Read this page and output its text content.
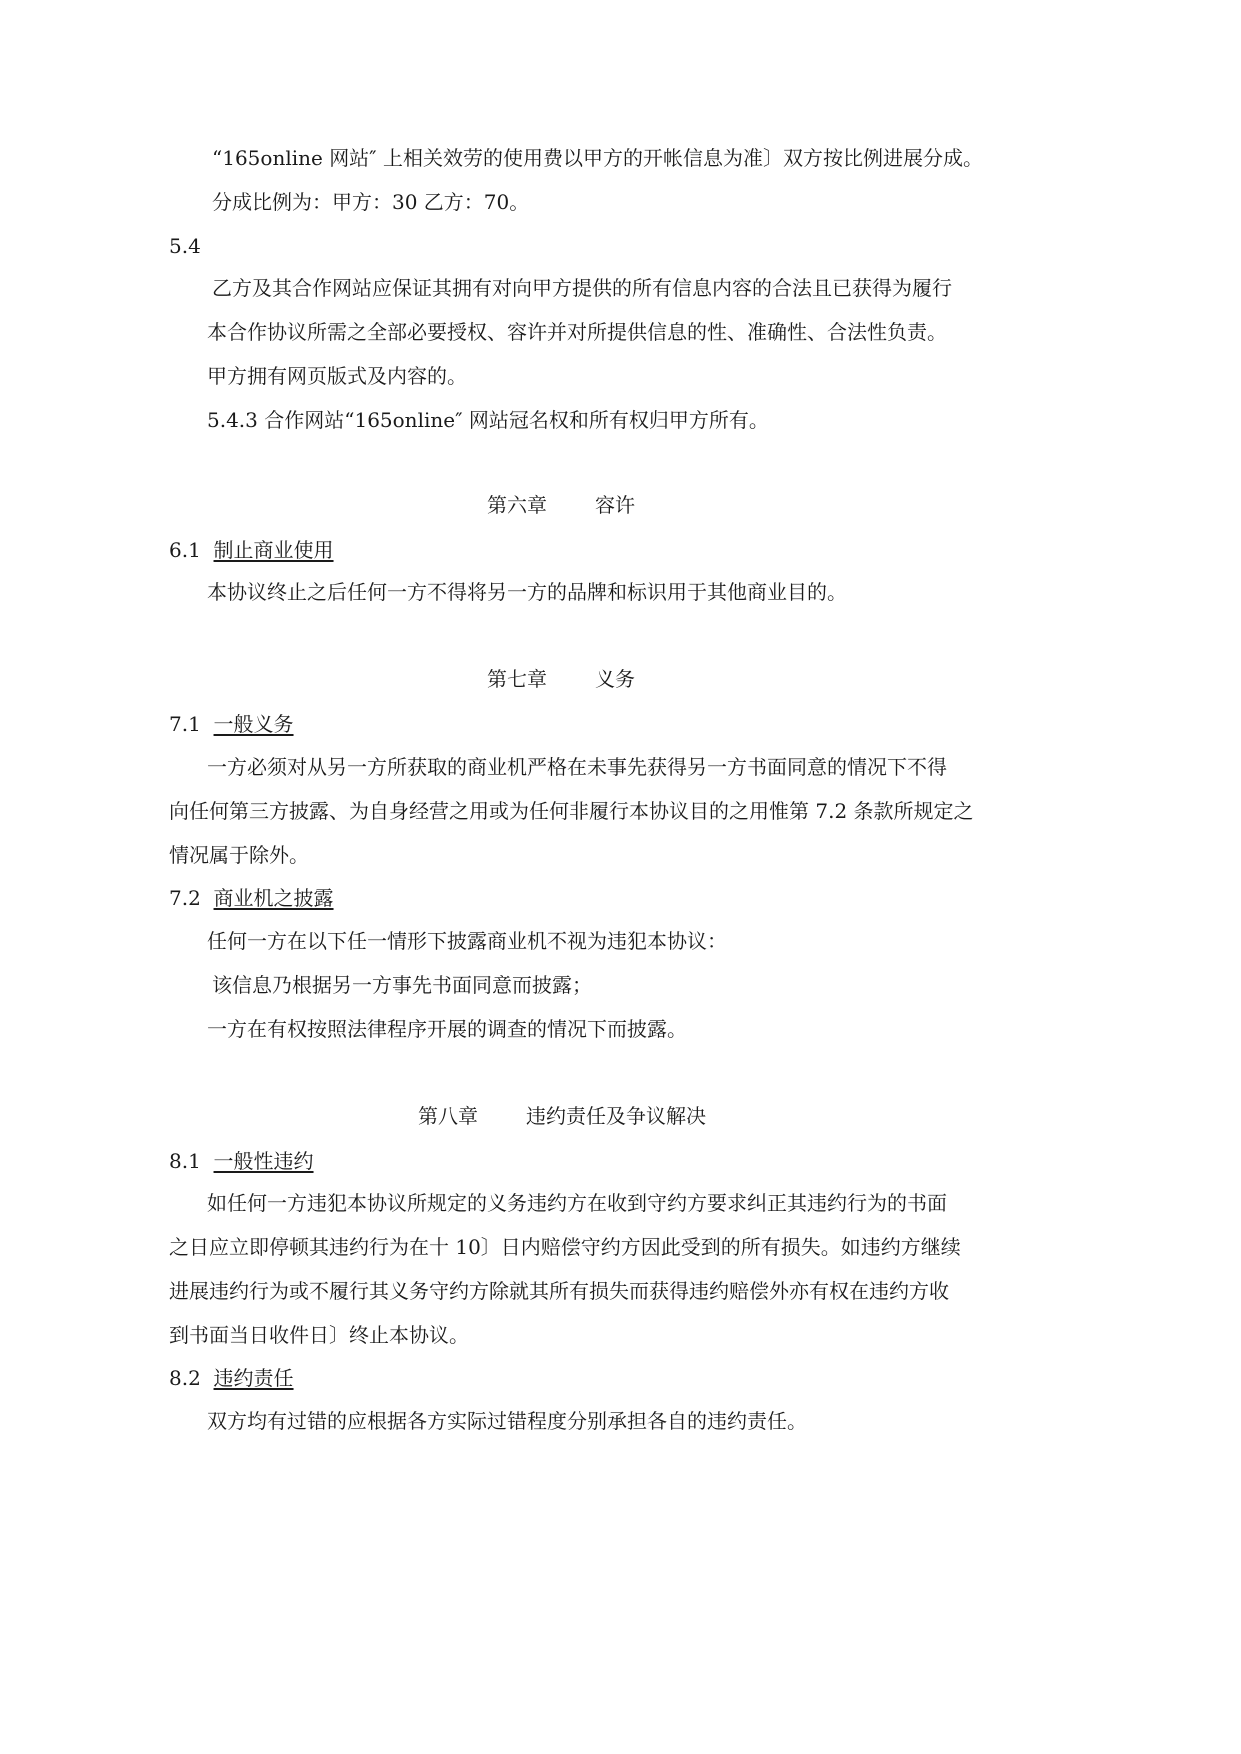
“165online 网站″ 上相关效劳的使用费以甲方的开帐信息为准〕双方按比例进展分成。
分成比例为：甲方：30 乙方：70。
5.4
乙方及其合作网站应保证其拥有对向甲方提供的所有信息内容的合法且已获得为履行
本合作协议所需之全部必要授权、容许并对所提供信息的性、准确性、合法性负责。
甲方拥有网页版式及内容的。
5.4.3 合作网站“165online″ 网站冠名权和所有权归甲方所有。
第六章 容许
6.1 制止商业使用
本协议终止之后任何一方不得将另一方的品牌和标识用于其他商业目的。
第七章 义务
7.1 一般义务
一方必须对从另一方所获取的商业机严格在未事先获得另一方书面同意的情况下不得
向任何第三方披露、为自身经营之用或为任何非履行本协议目的之用惟第 7.2 条款所规定之
情况属于除外。
7.2 商业机之披露
任何一方在以下任一情形下披露商业机不视为违犯本协议：
该信息乃根据另一方事先书面同意而披露；
一方在有权按照法律程序开展的调查的情况下而披露。
第八章 违约责任及争议解决
8.1 一般性违约
如任何一方违犯本协议所规定的义务违约方在收到守约方要求纠正其违约行为的书面
之日应立即停顿其违约行为在十 10〕日内赔偿守约方因此受到的所有损失。如违约方继续
进展违约行为或不履行其义务守约方除就其所有损失而获得违约赔偿外亦有权在违约方收
到书面当日收件日〕终止本协议。
8.2 违约责任
双方均有过错的应根据各方实际过错程度分别承担各自的违约责任。
